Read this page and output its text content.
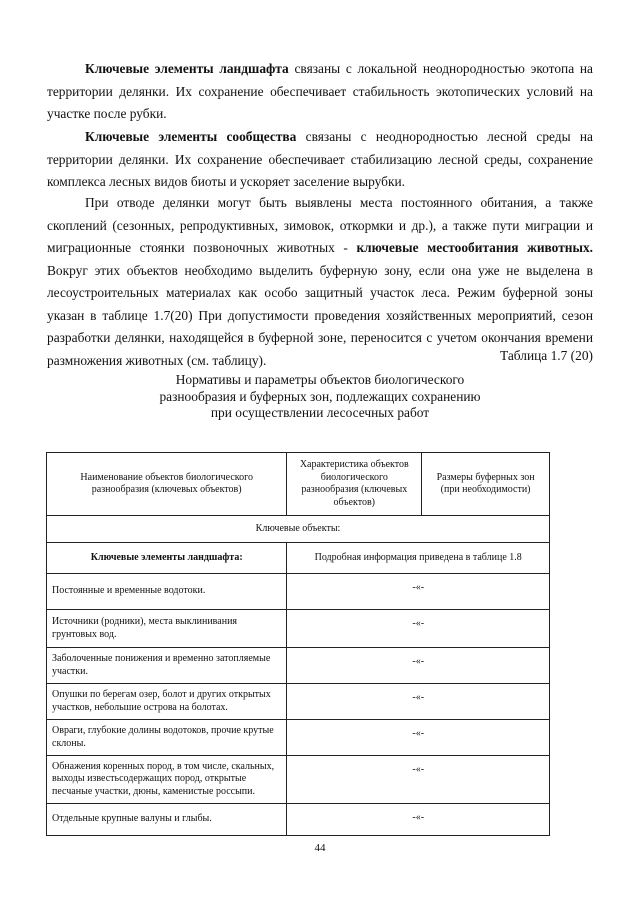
Ключевые элементы ландшафта связаны с локальной неоднородностью экотопа на территории делянки. Их сохранение обеспечивает стабильность экотопических условий на участке после рубки.

Ключевые элементы сообщества связаны с неоднородностью лесной среды на территории делянки. Их сохранение обеспечивает стабилизацию лесной среды, сохранение комплекса лесных видов биоты и ускоряет заселение вырубки.

При отводе делянки могут быть выявлены места постоянного обитания, а также скоплений (сезонных, репродуктивных, зимовок, откормки и др.), а также пути миграции и миграционные стоянки позвоночных животных - ключевые местообитания животных. Вокруг этих объектов необходимо выделить буферную зону, если она уже не выделена в лесоустроительных материалах как особо защитный участок леса. Режим буферной зоны указан в таблице 1.7(20) При допустимости проведения хозяйственных мероприятий, сезон разработки делянки, находящейся в буферной зоне, переносится с учетом окончания времени размножения животных (см. таблицу).	Таблица 1.7 (20)
Нормативы и параметры объектов биологического
разнообразия и буферных зон, подлежащих сохранению
при осуществлении лесосечных работ
Наименование объектов биологического разнообразия (ключевых объектов)	Характеристика объектов биологического разнообразия (ключевых объектов)	Размеры буферных зон (при необходимости)
Ключевые объекты:		
Ключевые элементы ландшафта:	Подробная информация приведена в таблице 1.8	
Постоянные и временные водотоки.	-«-	
Источники (родники), места выклинивания грунтовых вод.	-«-	
Заболоченные понижения и временно затопляемые участки.	-«-	
Опушки по берегам озер, болот и других открытых участков, небольшие острова на болотах.	-«-	
Овраги, глубокие долины водотоков, прочие крутые склоны.	-«-	
Обнажения коренных пород, в том числе, скальных, выходы известьсодержащих пород, открытые песчаные участки, дюны, каменистые россыпи.	-«-	
Отдельные крупные валуны и глыбы.	-«-	
44
